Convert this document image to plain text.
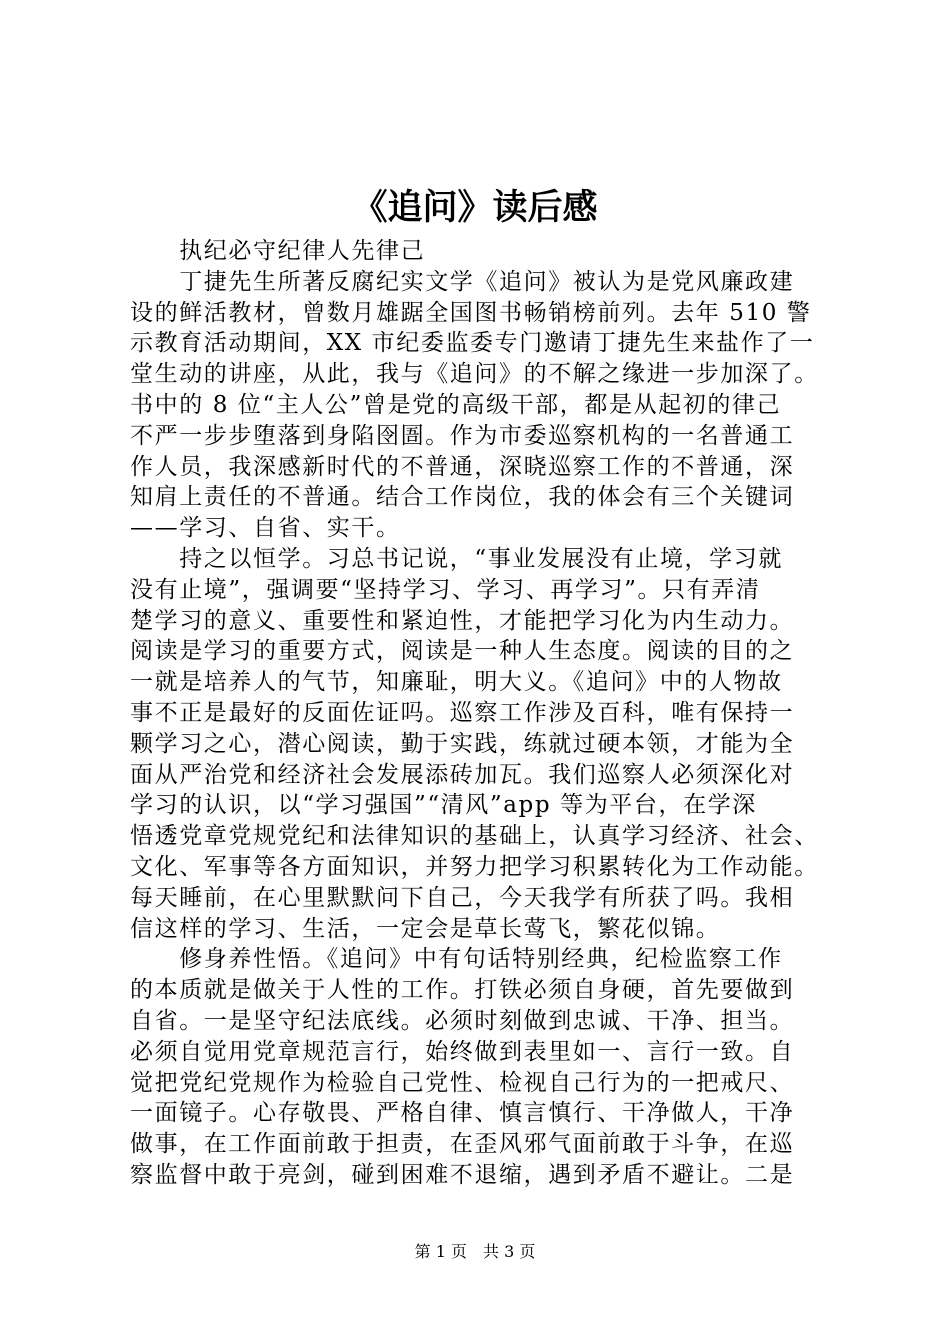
《追问》读后感
　　执纪必守纪律人先律己
　　丁捷先生所著反腐纪实文学《追问》被认为是党风廉政建
设的鲜活教材，曾数月雄踞全国图书畅销榜前列。去年 510 警
示教育活动期间，XX 市纪委监委专门邀请丁捷先生来盐作了一
堂生动的讲座，从此，我与《追问》的不解之缘进一步加深了。
书中的 8 位“主人公”曾是党的高级干部，都是从起初的律己
不严一步步堕落到身陷囹圄。作为市委巡察机构的一名普通工
作人员，我深感新时代的不普通，深晓巡察工作的不普通，深
知肩上责任的不普通。结合工作岗位，我的体会有三个关键词
——学习、自省、实干。
　　持之以恒学。习总书记说，“事业发展没有止境，学习就
没有止境”，强调要“坚持学习、学习、再学习”。只有弄清
楚学习的意义、重要性和紧迫性，才能把学习化为内生动力。
阅读是学习的重要方式，阅读是一种人生态度。阅读的目的之
一就是培养人的气节，知廉耻，明大义。《追问》中的人物故
事不正是最好的反面佐证吗。巡察工作涉及百科，唯有保持一
颗学习之心，潜心阅读，勤于实践，练就过硬本领，才能为全
面从严治党和经济社会发展添砖加瓦。我们巡察人必须深化对
学习的认识，以“学习强国”“清风”app 等为平台，在学深
悟透党章党规党纪和法律知识的基础上，认真学习经济、社会、
文化、军事等各方面知识，并努力把学习积累转化为工作动能。
每天睡前，在心里默默问下自己，今天我学有所获了吗。我相
信这样的学习、生活，一定会是草长莺飞，繁花似锦。
　　修身养性悟。《追问》中有句话特别经典，纪检监察工作
的本质就是做关于人性的工作。打铁必须自身硬，首先要做到
自省。一是坚守纪法底线。必须时刻做到忠诚、干净、担当。
必须自觉用党章规范言行，始终做到表里如一、言行一致。自
觉把党纪党规作为检验自己党性、检视自己行为的一把戒尺、
一面镜子。心存敬畏、严格自律、慎言慎行、干净做人，干净
做事，在工作面前敢于担责，在歪风邪气面前敢于斗争，在巡
察监督中敢于亮剑，碰到困难不退缩，遇到矛盾不避让。二是
第 1 页　共 3 页
